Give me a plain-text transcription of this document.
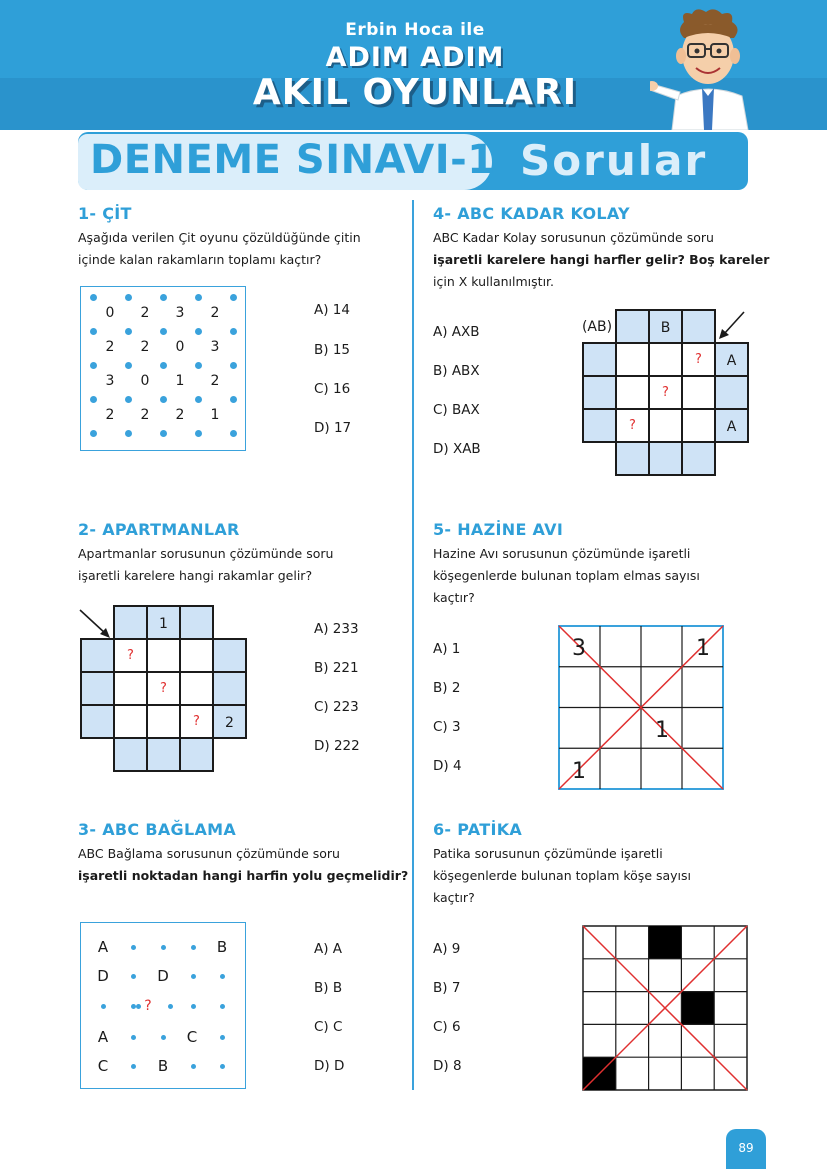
Erbin Hoca ile
ADIM ADIM
AKIL OYUNLARI
DENEME SINAVI-1 Sorular
1- ÇİT
Aşağıda verilen Çit oyunu çözüldüğünde çitin
içinde kalan rakamların toplamı kaçtır?
0 2 3 2
2 2 0 3
3 0 1 2
2 2 2 1
A) 14
B) 15
C) 16
D) 17
2- APARTMANLAR
Apartmanlar sorusunun çözümünde soru
işaretli karelere hangi rakamlar gelir?
1
2
?
?
?
A) 233
B) 221
C) 223
D) 222
3- ABC BAĞLAMA
ABC Bağlama sorusunun çözümünde soru
işaretli noktadan hangi harfin yolu geçmelidir?
A	B
D	D
?
A	C
C	B
A) A
B) B
C) C
D) D
4- ABC KADAR KOLAY
ABC Kadar Kolay sorusunun çözümünde soru
işaretli karelere hangi harfler gelir? Boş kareler
için X kullanılmıştır.
A) AXB
B) ABX
C) BAX
D) XAB
(AB)	B
A
A
?
?
?
5- HAZİNE AVI
Hazine Avı sorusunun çözümünde işaretli
köşegenlerde bulunan toplam elmas sayısı
kaçtır?
A) 1
B) 2
C) 3
D) 4
3	1
1
1
6- PATİKA
Patika sorusunun çözümünde işaretli
köşegenlerde bulunan toplam köşe sayısı
kaçtır?
A) 9
B) 7
C) 6
D) 8
89
